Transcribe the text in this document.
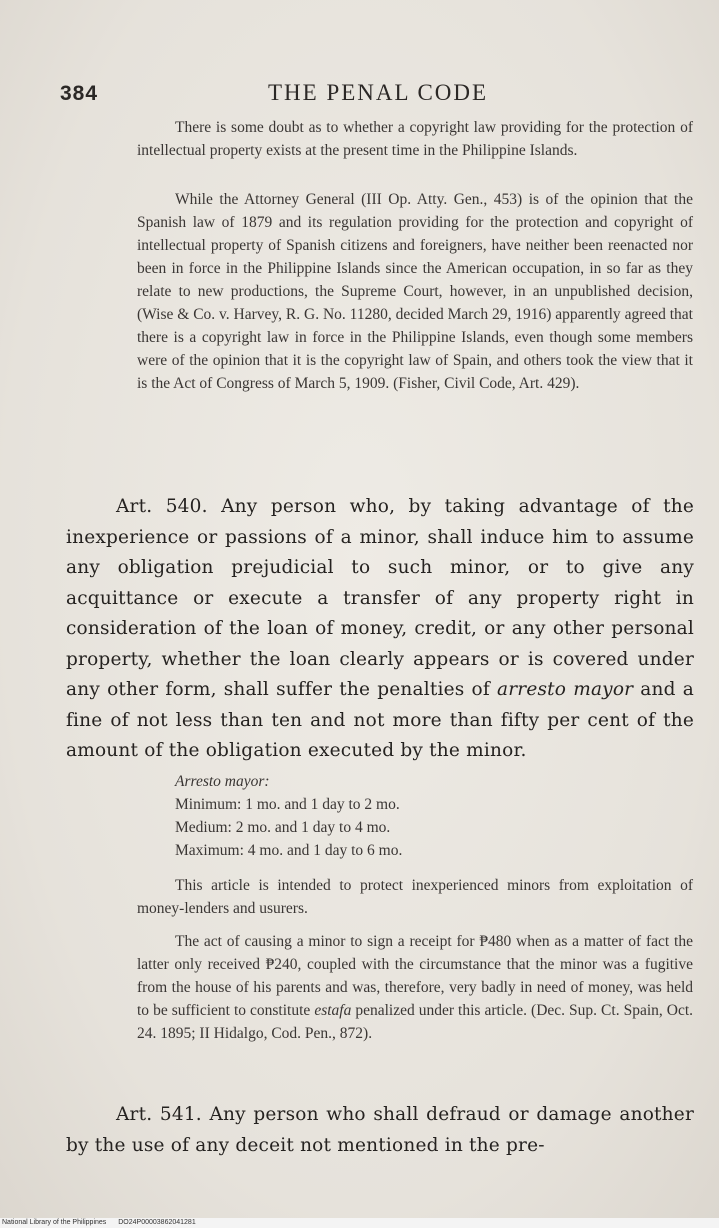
384	THE PENAL CODE

There is some doubt as to whether a copyright law providing for the protection of intellectual property exists at the present time in the Philippine Islands.

While the Attorney General (III Op. Atty. Gen., 453) is of the opinion that the Spanish law of 1879 and its regulation providing for the protection and copyright of intellectual property of Spanish citizens and foreigners, have neither been reenacted nor been in force in the Philippine Islands since the American occupation, in so far as they relate to new productions, the Supreme Court, however, in an unpublished decision, (Wise & Co. v. Harvey, R. G. No. 11280, decided March 29, 1916) apparently agreed that there is a copyright law in force in the Philippine Islands, even though some members were of the opinion that it is the copyright law of Spain, and others took the view that it is the Act of Congress of March 5, 1909. (Fisher, Civil Code, Art. 429).

Art. 540. Any person who, by taking advantage of the inexperience or passions of a minor, shall induce him to assume any obligation prejudicial to such minor, or to give any acquittance or execute a transfer of any property right in consideration of the loan of money, credit, or any other personal property, whether the loan clearly appears or is covered under any other form, shall suffer the penalties of arresto mayor and a fine of not less than ten and not more than fifty per cent of the amount of the obligation executed by the minor.

Arresto mayor:
Minimum: 1 mo. and 1 day to 2 mo.
Medium: 2 mo. and 1 day to 4 mo.
Maximum: 4 mo. and 1 day to 6 mo.

This article is intended to protect inexperienced minors from exploitation of money-lenders and usurers.

The act of causing a minor to sign a receipt for ₱480 when as a matter of fact the latter only received ₱240, coupled with the circumstance that the minor was a fugitive from the house of his parents and was, therefore, very badly in need of money, was held to be sufficient to constitute estafa penalized under this article. (Dec. Sup. Ct. Spain, Oct. 24. 1895; II Hidalgo, Cod. Pen., 872).

Art. 541. Any person who shall defraud or damage another by the use of any deceit not mentioned in the pre-

National Library of the Philippines DO24P00003862041281
